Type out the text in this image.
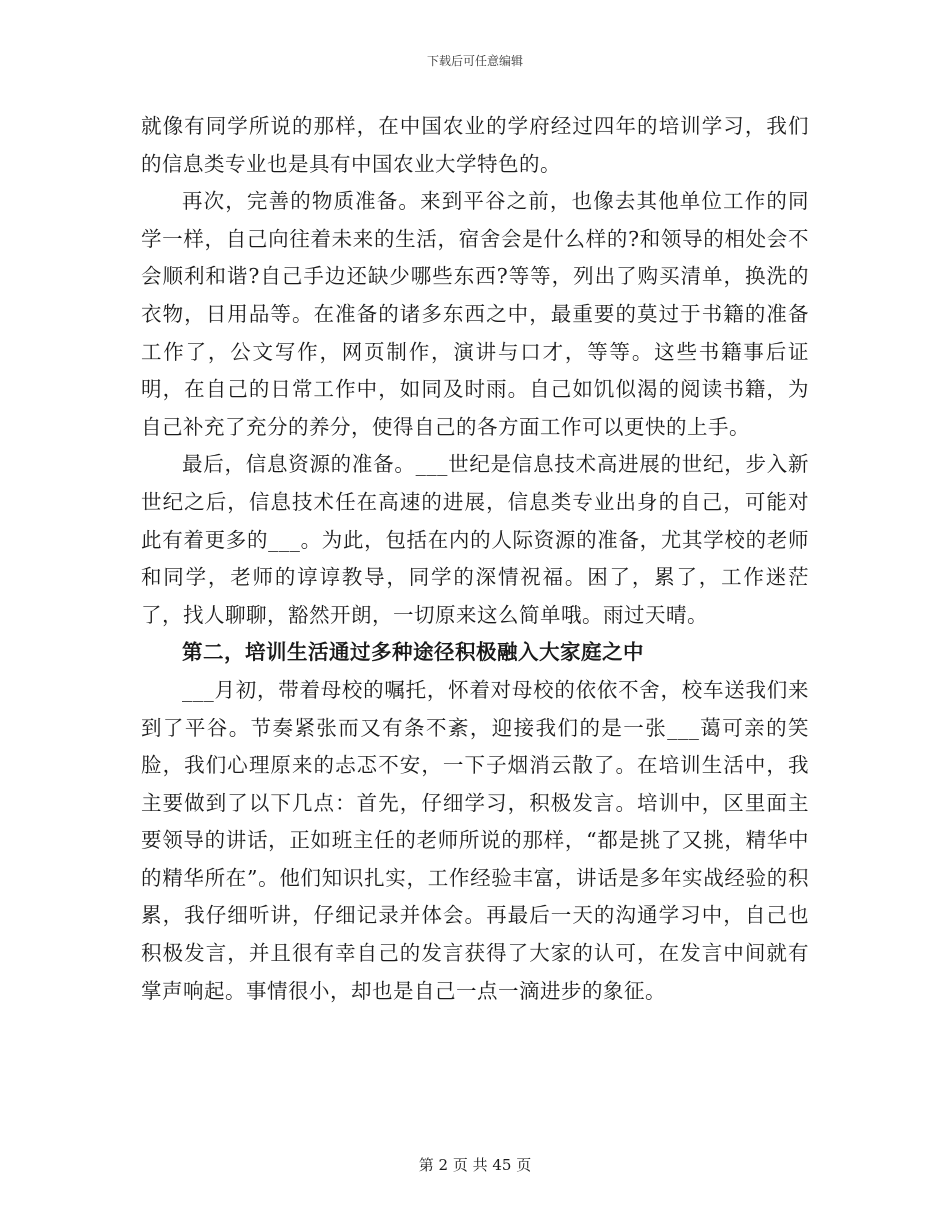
下载后可任意编辑

就像有同学所说的那样，在中国农业的学府经过四年的培训学习，我们的信息类专业也是具有中国农业大学特色的。

再次，完善的物质准备。来到平谷之前，也像去其他单位工作的同学一样，自己向往着未来的生活，宿舍会是什么样的?和领导的相处会不会顺利和谐?自己手边还缺少哪些东西?等等，列出了购买清单，换洗的衣物，日用品等。在准备的诸多东西之中，最重要的莫过于书籍的准备工作了，公文写作，网页制作，演讲与口才，等等。这些书籍事后证明，在自己的日常工作中，如同及时雨。自己如饥似渴的阅读书籍，为自己补充了充分的养分，使得自己的各方面工作可以更快的上手。

最后，信息资源的准备。___世纪是信息技术高进展的世纪，步入新世纪之后，信息技术任在高速的进展，信息类专业出身的自己，可能对此有着更多的___。为此，包括在内的人际资源的准备，尤其学校的老师和同学，老师的谆谆教导，同学的深情祝福。困了，累了，工作迷茫了，找人聊聊，豁然开朗，一切原来这么简单哦。雨过天晴。

第二，培训生活通过多种途径积极融入大家庭之中

___月初，带着母校的嘱托，怀着对母校的依依不舍，校车送我们来到了平谷。节奏紧张而又有条不紊，迎接我们的是一张___蔼可亲的笑脸，我们心理原来的忐忑不安，一下子烟消云散了。在培训生活中，我主要做到了以下几点：首先，仔细学习，积极发言。培训中，区里面主要领导的讲话，正如班主任的老师所说的那样，“都是挑了又挑，精华中的精华所在”。他们知识扎实，工作经验丰富，讲话是多年实战经验的积累，我仔细听讲，仔细记录并体会。再最后一天的沟通学习中，自己也积极发言，并且很有幸自己的发言获得了大家的认可，在发言中间就有掌声响起。事情很小，却也是自己一点一滴进步的象征。

第 2 页 共 45 页
